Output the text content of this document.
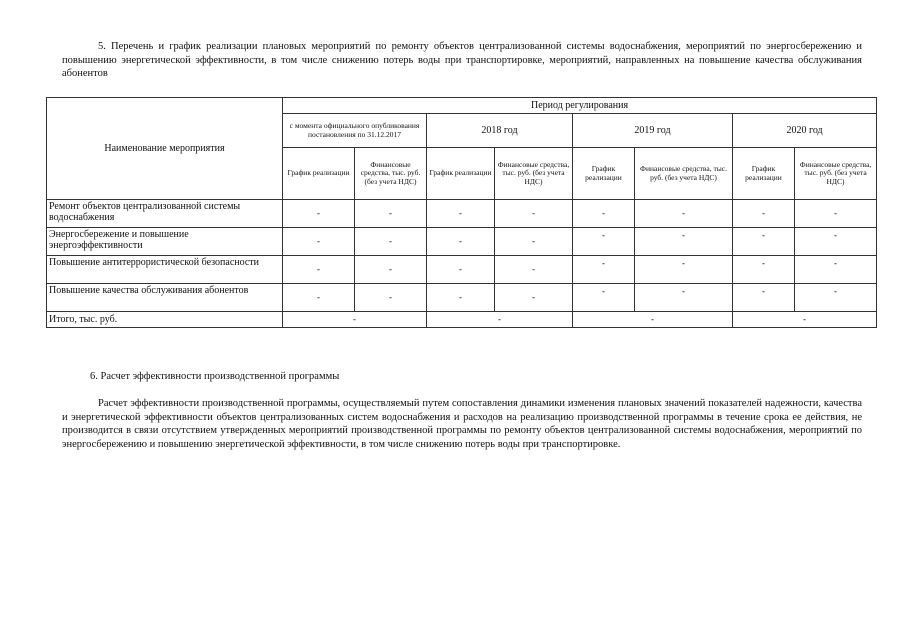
5. Перечень и график реализации плановых мероприятий по ремонту объектов централизованной системы водоснабжения, мероприятий по энергосбережению и повышению энергетической эффективности, в том числе снижению потерь воды при транспортировке, мероприятий, направленных на повышение качества обслуживания абонентов
Наименование мероприятия	Период регулирования							
	с момента официального опубликования постановления по 31.12.2017		2018 год		2019 год		2020 год	
	График реализации	Финансовые средства, тыс. руб. (без учета НДС)	График реализации	Финансовые средства, тыс. руб. (без учета НДС)	График реализации	Финансовые средства, тыс. руб. (без учета НДС)	График реализации	Финансовые средства, тыс. руб. (без учета НДС)
Ремонт объектов централизованной системы водоснабжения	-	-	-	-	-	-	-	-
Энергосбережение и повышение энергоэффективности	-	-	-	-	-	-	-	-
Повышение антитеррористической безопасности	-	-	-	-	-	-	-	-
Повышение качества обслуживания абонентов	-	-	-	-	-	-	-	-
Итого, тыс. руб.	-		-		-		-	
6. Расчет эффективности производственной программы
Расчет эффективности производственной программы, осуществляемый путем сопоставления динамики изменения плановых значений показателей надежности, качества и энергетической эффективности объектов централизованных систем водоснабжения и расходов на реализацию производственной программы в течение срока ее действия, не производится в связи отсутствием утвержденных мероприятий производственной программы по ремонту объектов централизованной системы водоснабжения, мероприятий по энергосбережению и повышению энергетической эффективности, в том числе снижению потерь воды при транспортировке.
